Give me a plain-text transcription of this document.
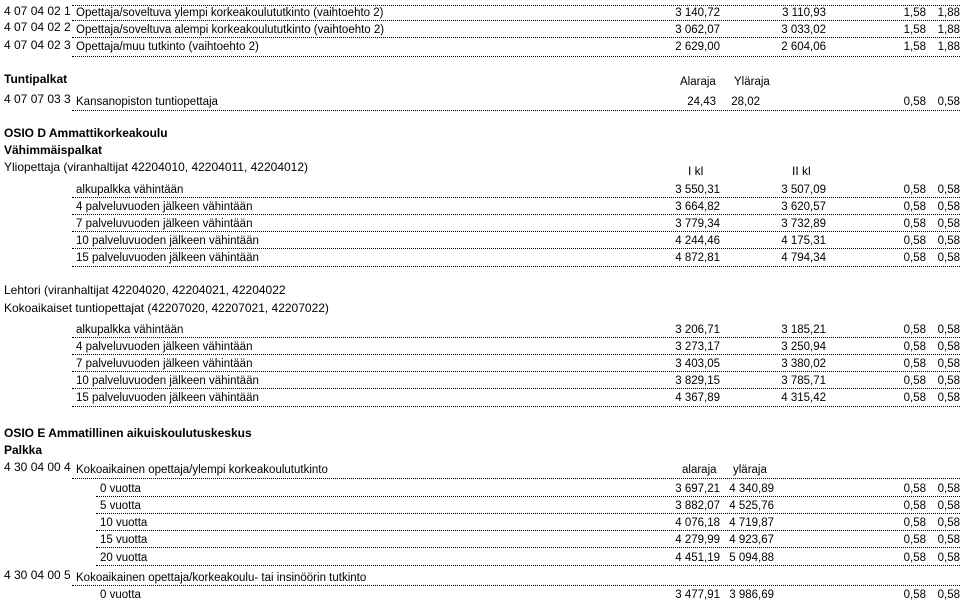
4 07 04 02 1 Opettaja/soveltuva ylempi korkeakoulututkinto (vaihtoehto 2)	3 140,72	3 110,93	1,58	1,88
4 07 04 02 2 Opettaja/soveltuva alempi korkeakoulututkinto (vaihtoehto 2)	3 062,07	3 033,02	1,58	1,88
4 07 04 02 3 Opettaja/muu tutkinto (vaihtoehto 2)	2 629,00	2 604,06	1,58	1,88
Tuntipalkat	Alaraja Yläraja
4 07 07 03 3 Kansanopiston tuntiopettaja	24,43	28,02	0,58	0,58
OSIO D Ammattikorkeakoulu
Vähimmäispalkat
Yliopettaja (viranhaltijat 42204010, 42204011, 42204012)	I kl	II kl
alkupalkka vähintään	3 550,31	3 507,09	0,58	0,58
4 palveluvuoden jälkeen vähintään	3 664,82	3 620,57	0,58	0,58
7 palveluvuoden jälkeen vähintään	3 779,34	3 732,89	0,58	0,58
10 palveluvuoden jälkeen vähintään	4 244,46	4 175,31	0,58	0,58
15 palveluvuoden jälkeen vähintään	4 872,81	4 794,34	0,58	0,58
Lehtori (viranhaltijat 42204020, 42204021, 42204022
Kokoaikaiset tuntiopettajat (42207020, 42207021, 42207022)
alkupalkka vähintään	3 206,71	3 185,21	0,58	0,58
4 palveluvuoden jälkeen vähintään	3 273,17	3 250,94	0,58	0,58
7 palveluvuoden jälkeen vähintään	3 403,05	3 380,02	0,58	0,58
10 palveluvuoden jälkeen vähintään	3 829,15	3 785,71	0,58	0,58
15 palveluvuoden jälkeen vähintään	4 367,89	4 315,42	0,58	0,58
OSIO E Ammatillinen aikuiskoulutuskeskus
Palkka
4 30 04 00 4 Kokoaikainen opettaja/ylempi korkeakoulututkinto	alaraja yläraja
0 vuotta	3 697,21 4 340,89	0,58	0,58
5 vuotta	3 882,07 4 525,76	0,58	0,58
10 vuotta	4 076,18 4 719,87	0,58	0,58
15 vuotta	4 279,99 4 923,67	0,58	0,58
20 vuotta	4 451,19 5 094,88	0,58	0,58
4 30 04 00 5 Kokoaikainen opettaja/korkeakoulu- tai insinöörin tutkinto
0 vuotta	3 477,91 3 986,69	0,58	0,58
